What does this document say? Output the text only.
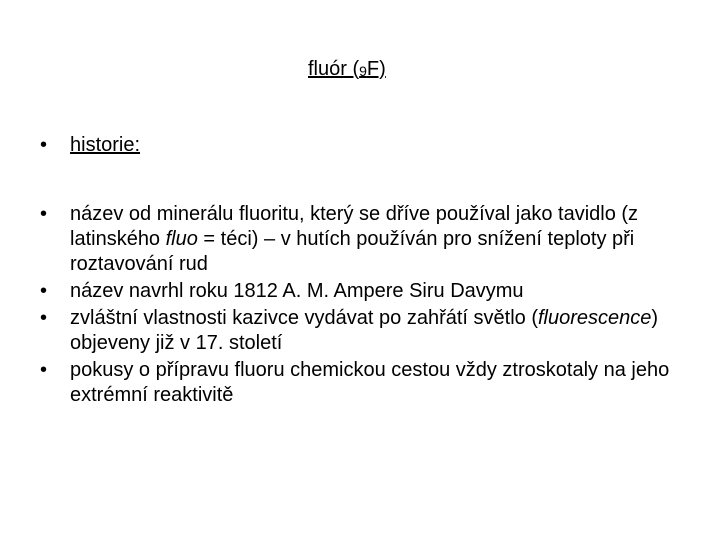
fluór $(_9F)$
•	historie:
•	název od minerálu fluoritu, který se dříve používal jako tavidlo (z latinského fluo = téci) – v hutích používán pro snížení teploty při roztavování rud
•	název navrhl roku 1812 A. M. Ampere Siru Davymu
•	zvláštní vlastnosti kazivce vydávat po zahřátí světlo (fluorescence) objeveny již v 17. století
•	pokusy o přípravu fluoru chemickou cestou vždy ztroskotaly na jeho extrémní reaktivitě
